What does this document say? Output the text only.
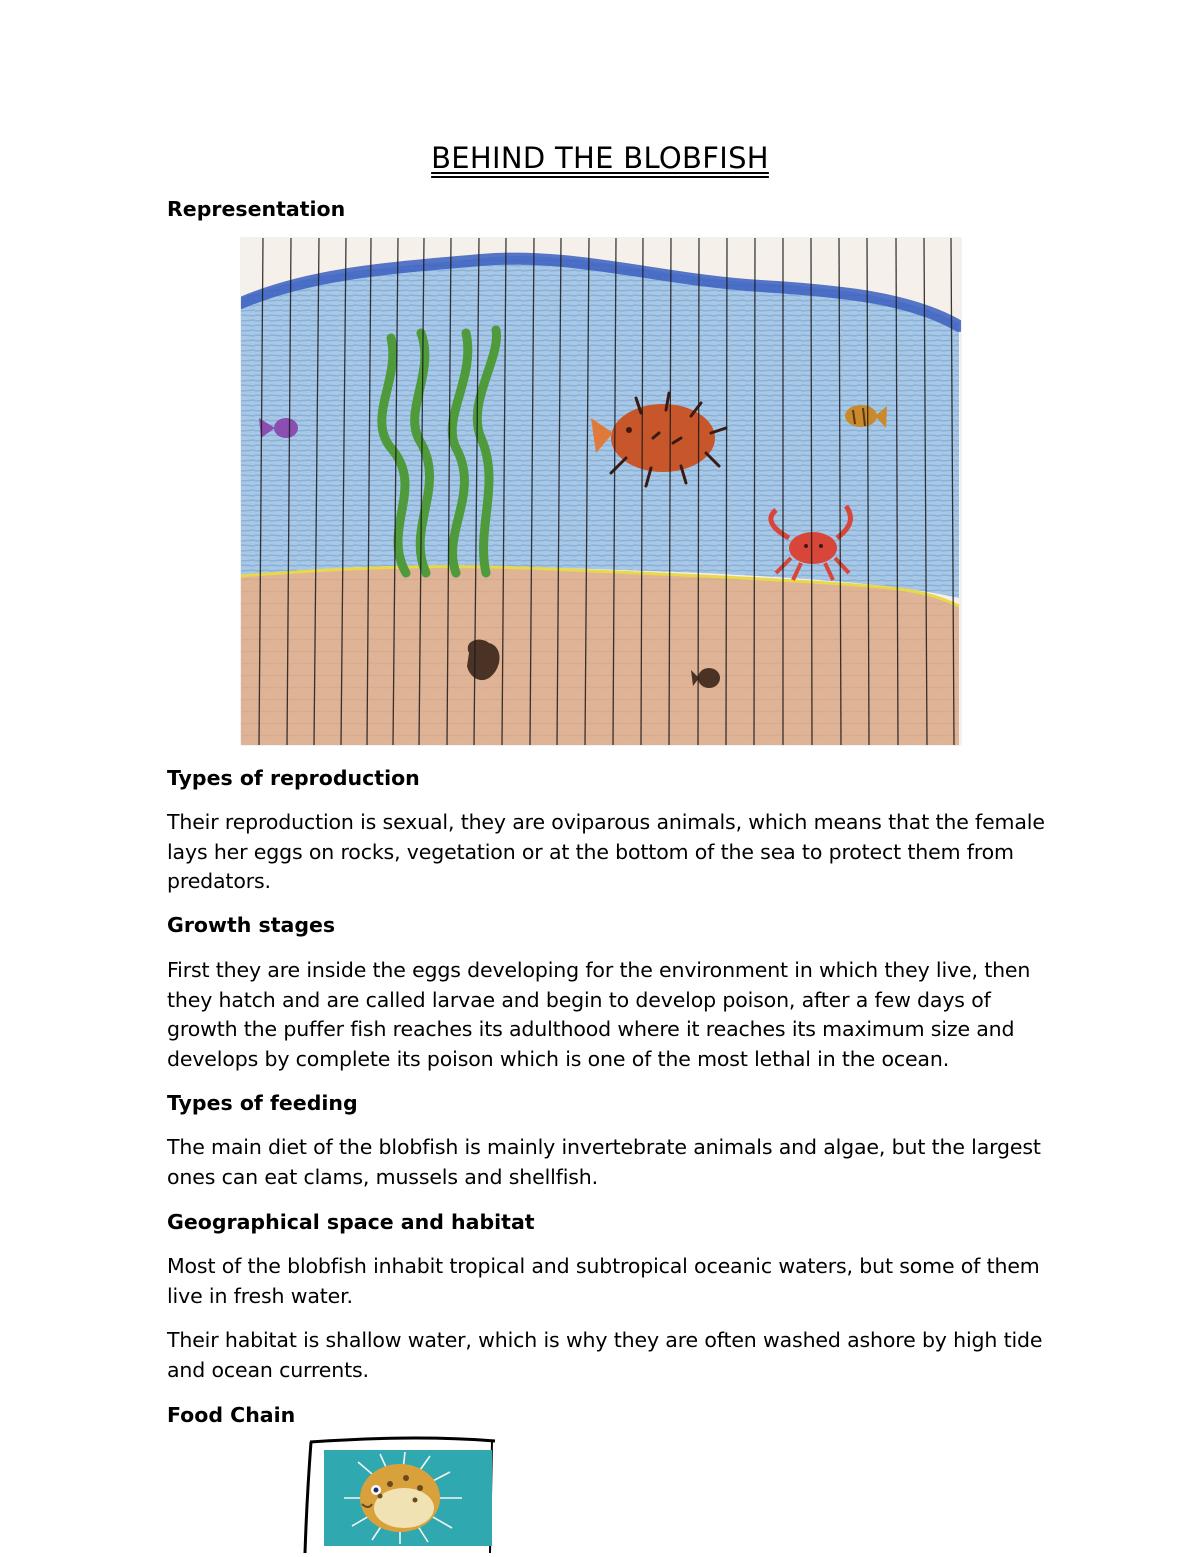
BEHIND THE BLOBFISH
Representation
Types of reproduction
Their reproduction is sexual, they are oviparous animals, which means that the female lays her eggs on rocks, vegetation or at the bottom of the sea to protect them from predators.
Growth stages
First they are inside the eggs developing for the environment in which they live, then they hatch and are called larvae and begin to develop poison, after a few days of growth the puffer fish reaches its adulthood where it reaches its maximum size and develops by complete its poison which is one of the most lethal in the ocean.
Types of feeding
The main diet of the blobfish is mainly invertebrate animals and algae, but the largest ones can eat clams, mussels and shellfish.
Geographical space and habitat
Most of the blobfish inhabit tropical and subtropical oceanic waters, but some of them live in fresh water.
Their habitat is shallow water, which is why they are often washed ashore by high tide and ocean currents.
Food Chain
